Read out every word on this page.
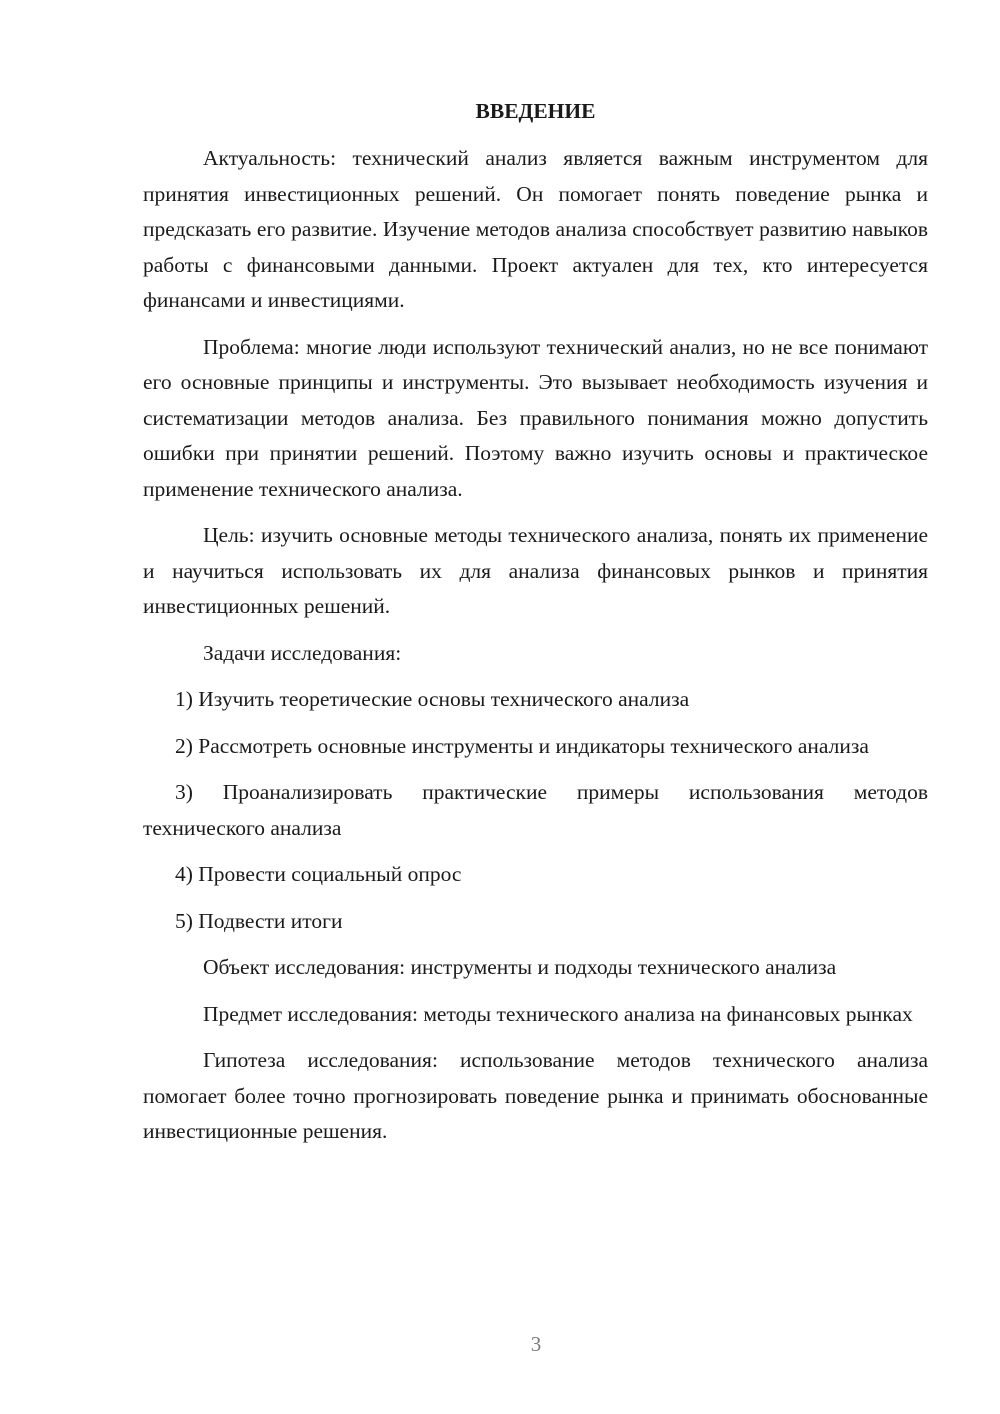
ВВЕДЕНИЕ

Актуальность: технический анализ является важным инструментом для принятия инвестиционных решений. Он помогает понять поведение рынка и предсказать его развитие. Изучение методов анализа способствует развитию навыков работы с финансовыми данными. Проект актуален для тех, кто интересуется финансами и инвестициями.

Проблема: многие люди используют технический анализ, но не все понимают его основные принципы и инструменты. Это вызывает необходимость изучения и систематизации методов анализа. Без правильного понимания можно допустить ошибки при принятии решений. Поэтому важно изучить основы и практическое применение технического анализа.

Цель: изучить основные методы технического анализа, понять их применение и научиться использовать их для анализа финансовых рынков и принятия инвестиционных решений.

Задачи исследования:

1) Изучить теоретические основы технического анализа

2) Рассмотреть основные инструменты и индикаторы технического анализа

3) Проанализировать практические примеры использования методов технического анализа

4) Провести социальный опрос

5) Подвести итоги

Объект исследования: инструменты и подходы технического анализа

Предмет исследования: методы технического анализа на финансовых рынках

Гипотеза исследования: использование методов технического анализа помогает более точно прогнозировать поведение рынка и принимать обоснованные инвестиционные решения.

3
